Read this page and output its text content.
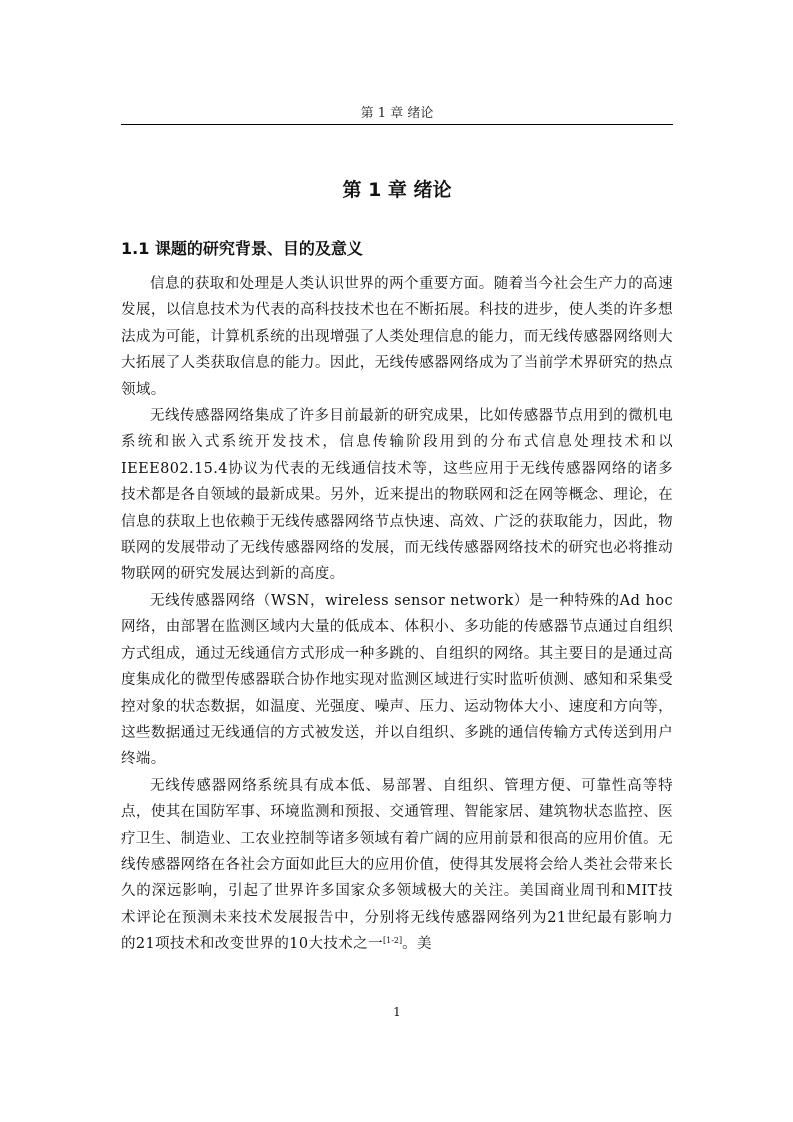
第 1 章 绪论
第 1 章 绪论
1.1 课题的研究背景、目的及意义

信息的获取和处理是人类认识世界的两个重要方面。随着当今社会生产力的高速发展，以信息技术为代表的高科技技术也在不断拓展。科技的进步，使人类的许多想法成为可能，计算机系统的出现增强了人类处理信息的能力，而无线传感器网络则大大拓展了人类获取信息的能力。因此，无线传感器网络成为了当前学术界研究的热点领域。

无线传感器网络集成了许多目前最新的研究成果，比如传感器节点用到的微机电系统和嵌入式系统开发技术，信息传输阶段用到的分布式信息处理技术和以IEEE802.15.4协议为代表的无线通信技术等，这些应用于无线传感器网络的诸多技术都是各自领域的最新成果。另外，近来提出的物联网和泛在网等概念、理论，在信息的获取上也依赖于无线传感器网络节点快速、高效、广泛的获取能力，因此，物联网的发展带动了无线传感器网络的发展，而无线传感器网络技术的研究也必将推动物联网的研究发展达到新的高度。

无线传感器网络（WSN，wireless sensor network）是一种特殊的Ad hoc网络，由部署在监测区域内大量的低成本、体积小、多功能的传感器节点通过自组织方式组成，通过无线通信方式形成一种多跳的、自组织的网络。其主要目的是通过高度集成化的微型传感器联合协作地实现对监测区域进行实时监听侦测、感知和采集受控对象的状态数据，如温度、光强度、噪声、压力、运动物体大小、速度和方向等，这些数据通过无线通信的方式被发送，并以自组织、多跳的通信传输方式传送到用户终端。

无线传感器网络系统具有成本低、易部署、自组织、管理方便、可靠性高等特点，使其在国防军事、环境监测和预报、交通管理、智能家居、建筑物状态监控、医疗卫生、制造业、工农业控制等诸多领域有着广阔的应用前景和很高的应用价值。无线传感器网络在各社会方面如此巨大的应用价值，使得其发展将会给人类社会带来长久的深远影响，引起了世界许多国家众多领域极大的关注。美国商业周刊和MIT技术评论在预测未来技术发展报告中，分别将无线传感器网络列为21世纪最有影响力的21项技术和改变世界的10大技术之一[1-2]。美

1
